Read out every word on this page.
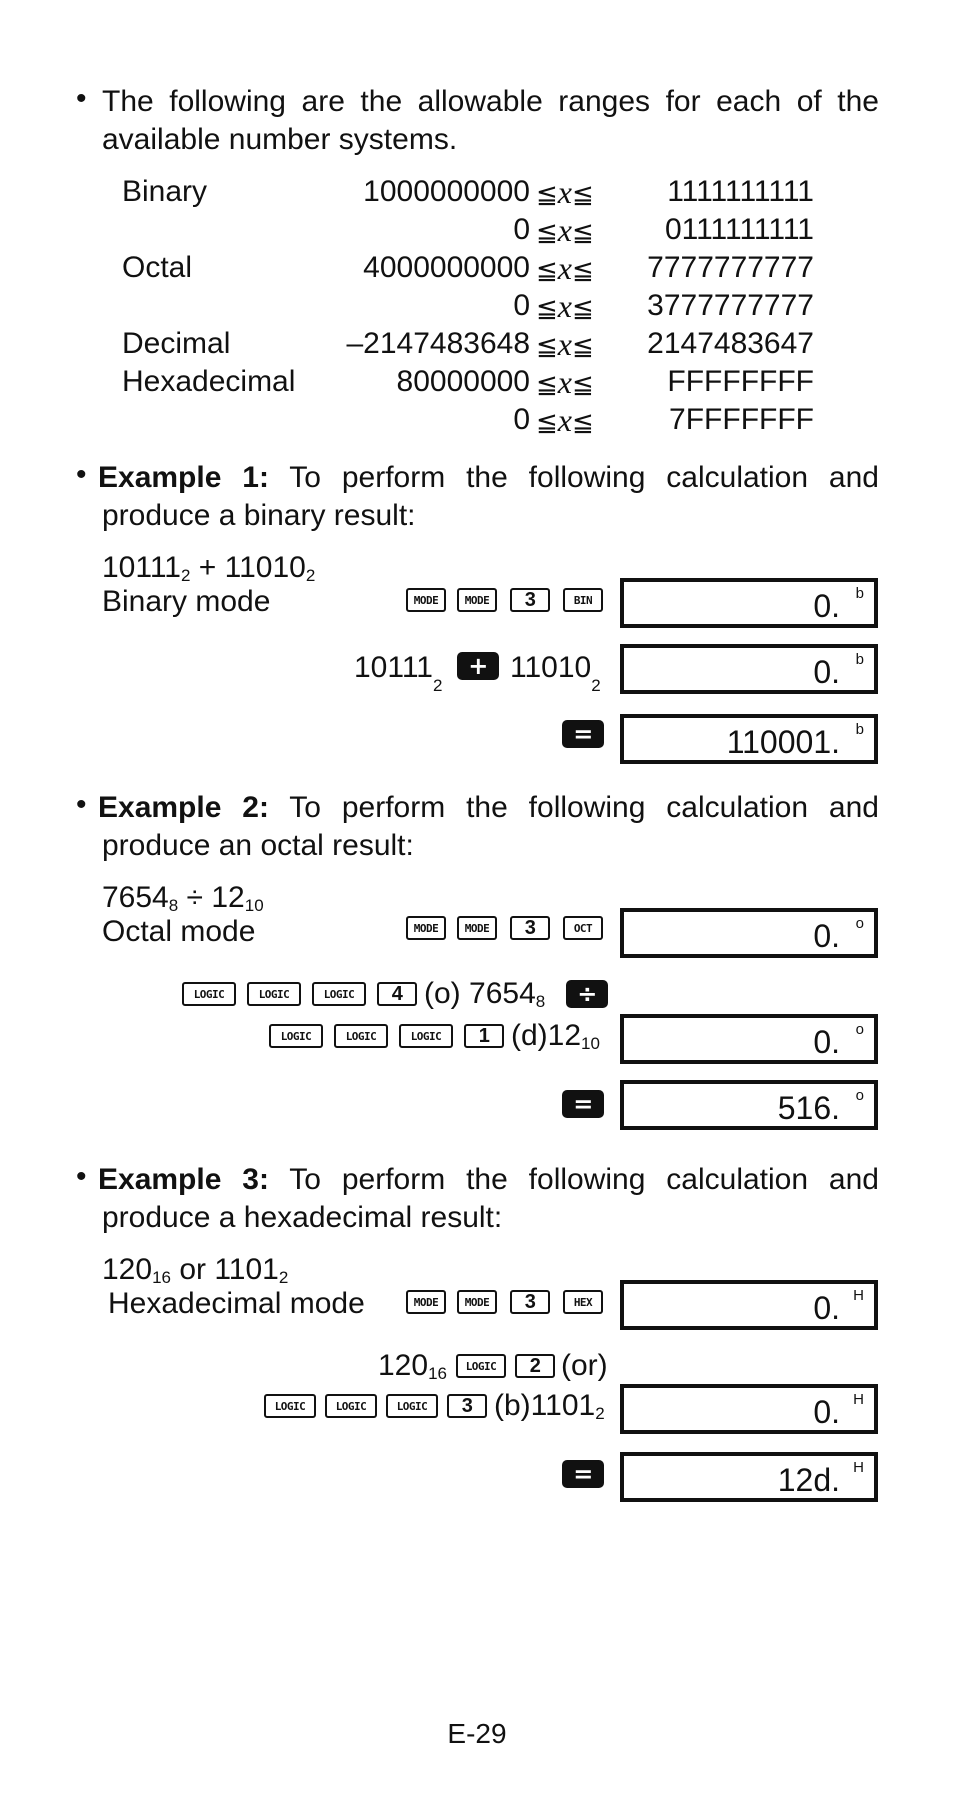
• The following are the allowable ranges for each of the
available number systems.
Binary	1000000000 ≦x≦ 1111111111
0 ≦x≦ 0111111111
Octal	4000000000 ≦x≦ 7777777777
0 ≦x≦ 3777777777
Decimal	–2147483648 ≦x≦ 2147483647
Hexadecimal	80000000 ≦x≦ FFFFFFFF
0 ≦x≦	7FFFFFFF
• Example 1: To perform the following calculation and
produce a binary result:
$10111_2 + 11010_2$
Binary mode	MODE	MODE	3	BIN	0. b
$10111_2$
+ $11010_2$	0. b
=	110001. b
• Example 2: To perform the following calculation and
produce an octal result:
$7654_8 \div 12_{10}$
Octal mode	MODE	MODE	3	OCT	0. o
LOGIC	LOGIC	LOGIC	4 (o) $7654_8$	÷
LOGIC	LOGIC	LOGIC	1 $(d)12_{10}$	0. o
=	516. o
• Example 3: To perform the following calculation and
produce a hexadecimal result:
$120_{16}$ or $1101_2$
Hexadecimal mode	MODE	MODE	3	HEX	0. H
$120_{16}$	LOGIC	2 (or)
LOGIC	LOGIC	LOGIC	3 $(b)1101_2$	0. H
=	12d. H
E-29
